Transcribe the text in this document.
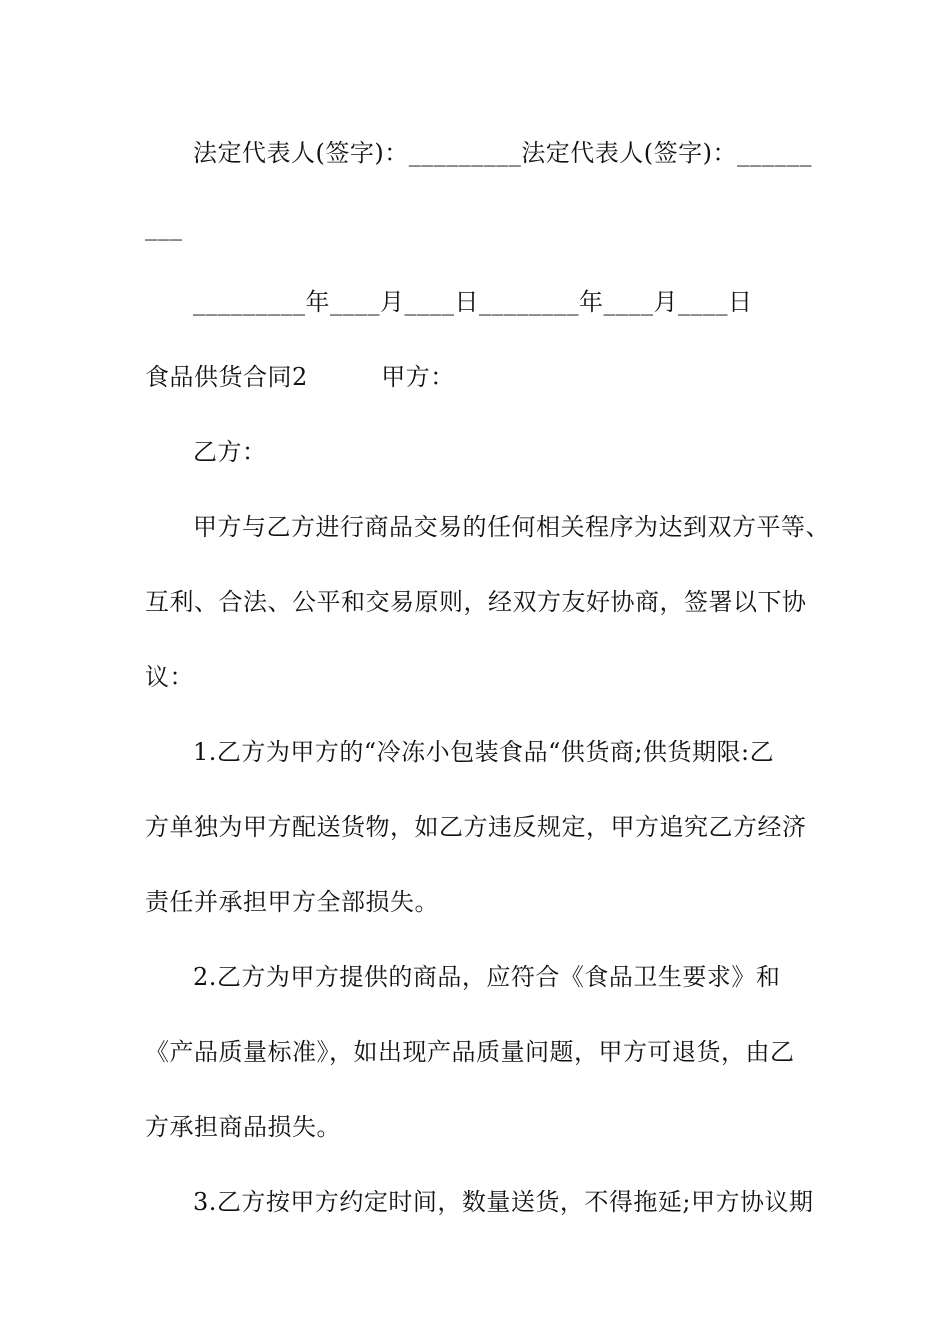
法定代表人(签字)：_________法定代表人(签字)：______
___
_________年____月____日________年____月____日
食品供货合同2　　　甲方：
乙方：
甲方与乙方进行商品交易的任何相关程序为达到双方平等、
互利、合法、公平和交易原则，经双方友好协商，签署以下协
议：
1.乙方为甲方的“冷冻小包装食品“供货商;供货期限:乙
方单独为甲方配送货物，如乙方违反规定，甲方追究乙方经济
责任并承担甲方全部损失。
2.乙方为甲方提供的商品，应符合《食品卫生要求》和
《产品质量标准》，如出现产品质量问题，甲方可退货，由乙
方承担商品损失。
3.乙方按甲方约定时间，数量送货，不得拖延;甲方协议期
